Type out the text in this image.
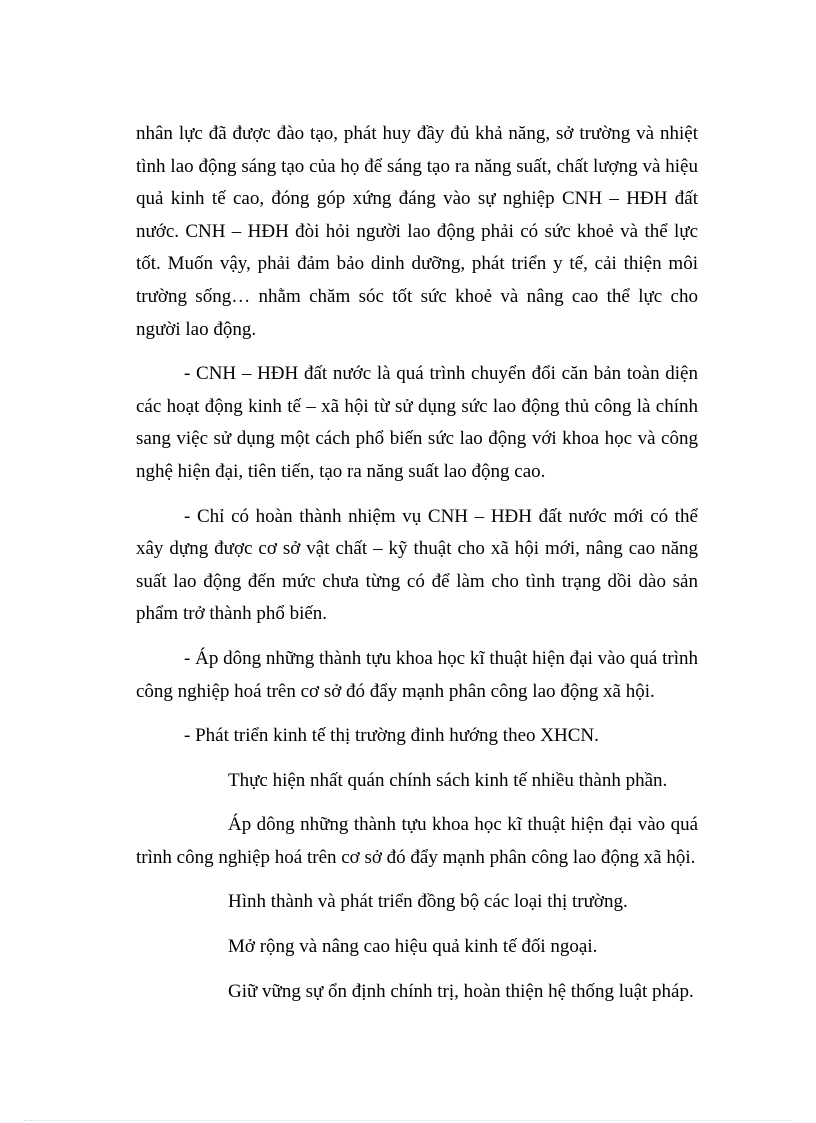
nhân lực đã được đào tạo, phát huy đầy đủ khả năng, sở trường và nhiệt tình lao động sáng tạo của họ để sáng tạo ra năng suất, chất lượng và hiệu quả kinh tế cao, đóng góp xứng đáng vào sự nghiệp CNH – HĐH đất nước. CNH – HĐH đòi hỏi người lao động phải có sức khoẻ và thể lực tốt. Muốn vậy, phải đảm bảo dinh dưỡng, phát triển y tế, cải thiện môi trường sống… nhằm chăm sóc tốt sức khoẻ và nâng cao thể lực cho người lao động.

- CNH – HĐH đất nước là quá trình chuyển đổi căn bản toàn diện các hoạt động kinh tế – xã hội từ sử dụng sức lao động thủ công là chính sang việc sử dụng một cách phổ biến sức lao động với khoa học và công nghệ hiện đại, tiên tiến, tạo ra năng suất lao động cao.

- Chỉ có hoàn thành nhiệm vụ CNH – HĐH đất nước mới có thể xây dựng được cơ sở vật chất – kỹ thuật cho xã hội mới, nâng cao năng suất lao động đến mức chưa từng có để làm cho tình trạng dồi dào sản phẩm trở thành phổ biến.

- Áp dông những thành tựu khoa học kĩ thuật hiện đại vào quá trình công nghiệp hoá trên cơ sở đó đẩy mạnh phân công lao động xã hội.

- Phát triển kinh tế thị trường đinh hướng theo XHCN.

Thực hiện nhất quán chính sách kinh tế nhiều thành phần.

Áp dông những thành tựu khoa học kĩ thuật hiện đại vào quá trình công nghiệp hoá trên cơ sở đó đẩy mạnh phân công lao động xã hội.

Hình thành và phát triển đồng bộ các loại thị trường.

Mở rộng và nâng cao hiệu quả kinh tế đối ngoại.

Giữ vững sự ổn định chính trị, hoàn thiện hệ thống luật pháp.
